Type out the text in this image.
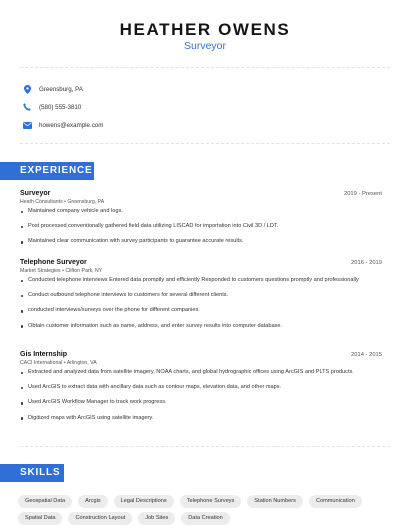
HEATHER OWENS
Surveyor
Greensburg, PA
(580) 555-3810
howens@example.com
EXPERIENCE
Surveyor	2019 - Present
Heath Consultants • Greensburg, PA
Maintained company vehicle and logs.
Post processed conventionally gathered field data utilizing LISCAD for importation into Civil 3D / LDT.
Maintained clear communication with survey participants to guarantee accurate results.
Telephone Surveyor	2016 - 2019
Market Strategies • Clifton Park, NY
Conducted telephone interviews Entered data promptly and efficiently Responded to customers questions promptly and professionally
Conduct outbound telephone interviews to customers for several different clients.
conducted interviews/surveys over the phone for different companies.
Obtain customer information such as name, address, and enter survey results into computer database.
Gis Internship	2014 - 2015
CACI International • Arlington, VA
Extracted and analyzed data from satellite imagery, NOAA charts, and global hydrographic offices using ArcGIS and PLTS products.
Used ArcGIS to extract data with ancillary data such as contour maps, elevation data, and other maps.
Used ArcGIS Workflow Manager to track work progress.
Digitized maps with ArcGIS using satellite imagery.
SKILLS
Geospatial Data	Arcgis	Legal Descriptions	Telephone Surveys	Station Numbers	Communication
Spatial Data	Construction Layout	Job Sites	Data Creation
